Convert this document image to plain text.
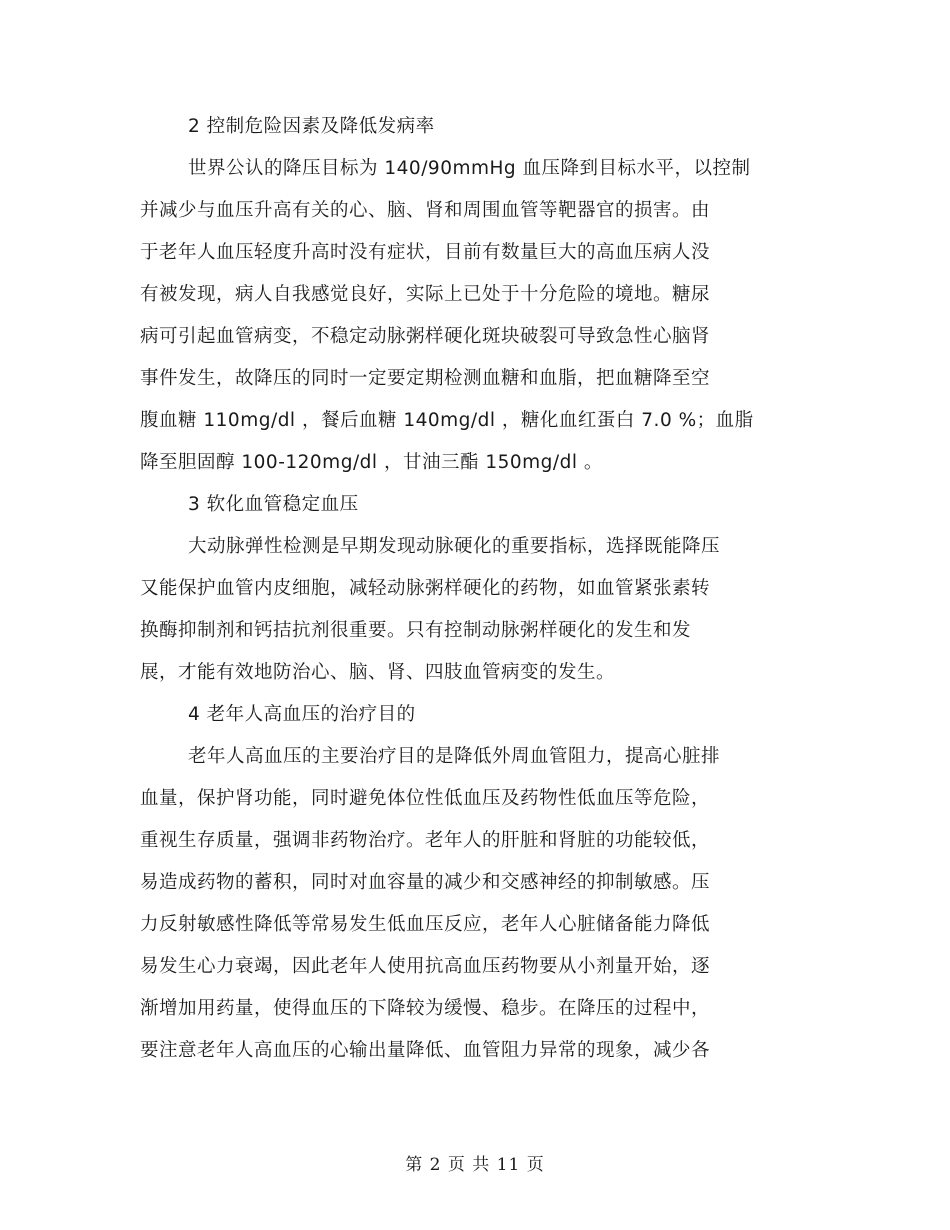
2 控制危险因素及降低发病率
世界公认的降压目标为 140/90mmHg 血压降到目标水平，以控制
并减少与血压升高有关的心、脑、肾和周围血管等靶器官的损害。由
于老年人血压轻度升高时没有症状，目前有数量巨大的高血压病人没
有被发现，病人自我感觉良好，实际上已处于十分危险的境地。糖尿
病可引起血管病变，不稳定动脉粥样硬化斑块破裂可导致急性心脑肾
事件发生，故降压的同时一定要定期检测血糖和血脂，把血糖降至空
腹血糖 110mg/dl ，餐后血糖 140mg/dl ，糖化血红蛋白 7.0 %；血脂
降至胆固醇 100-120mg/dl ，甘油三酯 150mg/dl 。
3 软化血管稳定血压
大动脉弹性检测是早期发现动脉硬化的重要指标，选择既能降压
又能保护血管内皮细胞，减轻动脉粥样硬化的药物，如血管紧张素转
换酶抑制剂和钙拮抗剂很重要。只有控制动脉粥样硬化的发生和发
展，才能有效地防治心、脑、肾、四肢血管病变的发生。
4 老年人高血压的治疗目的
老年人高血压的主要治疗目的是降低外周血管阻力，提高心脏排
血量，保护肾功能，同时避免体位性低血压及药物性低血压等危险，
重视生存质量，强调非药物治疗。老年人的肝脏和肾脏的功能较低，
易造成药物的蓄积，同时对血容量的减少和交感神经的抑制敏感。压
力反射敏感性降低等常易发生低血压反应，老年人心脏储备能力降低
易发生心力衰竭，因此老年人使用抗高血压药物要从小剂量开始，逐
渐增加用药量，使得血压的下降较为缓慢、稳步。在降压的过程中，
要注意老年人高血压的心输出量降低、血管阻力异常的现象，减少各
第 2 页 共 11 页
